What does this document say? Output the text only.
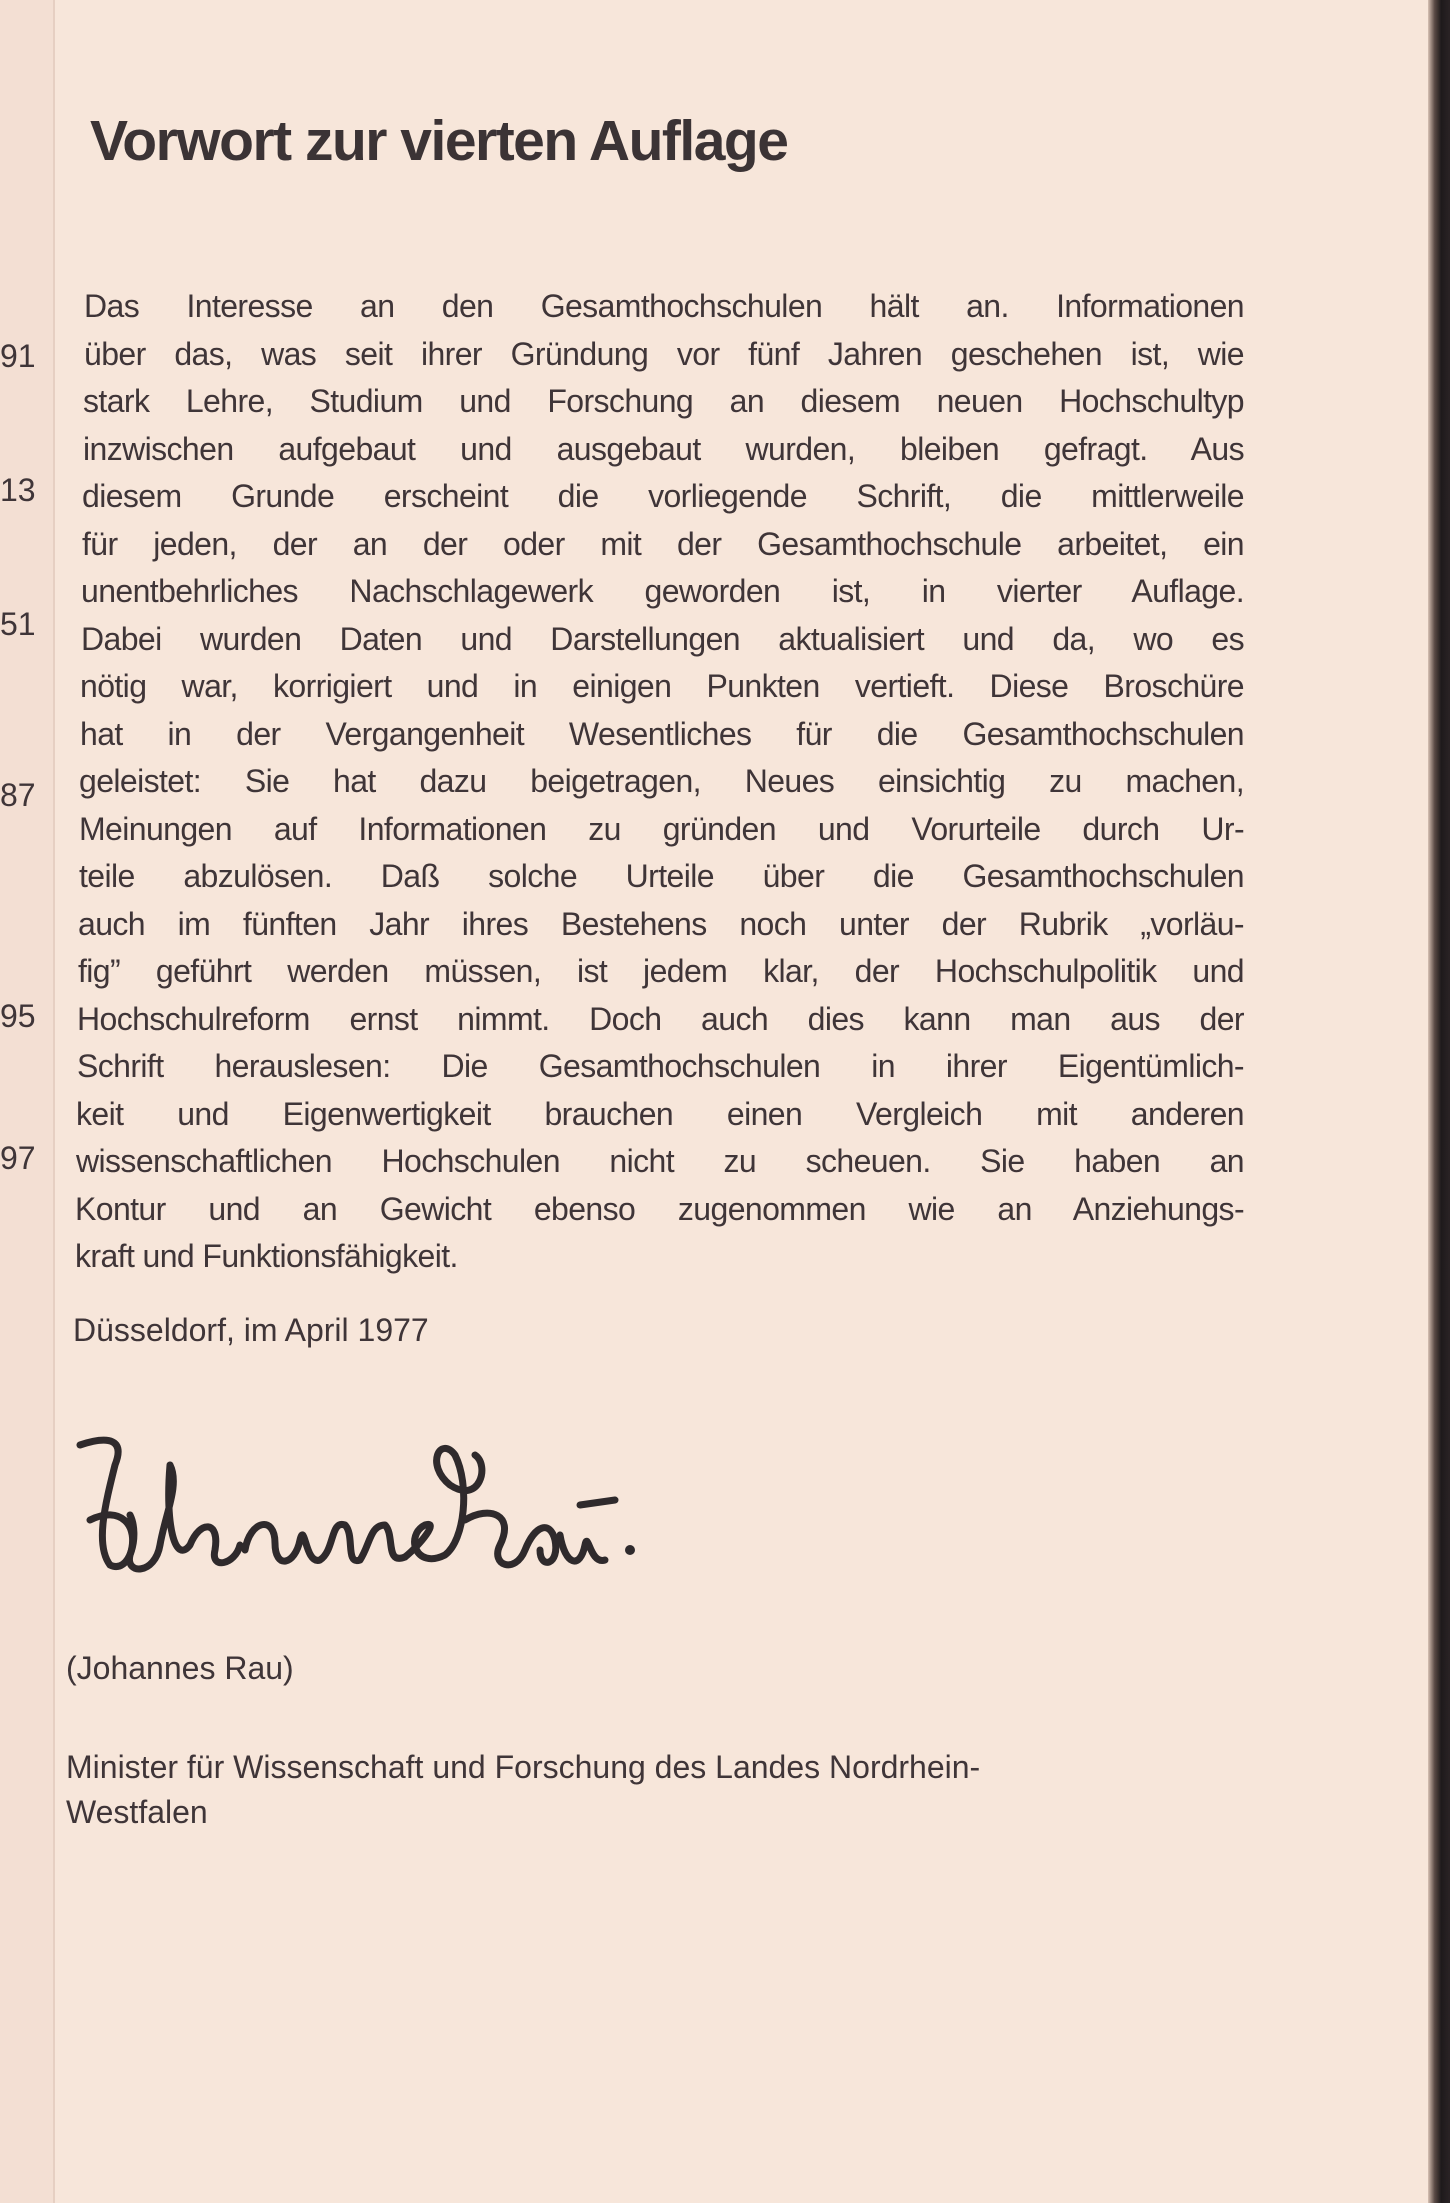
91
13
51
87
95
97
Vorwort zur vierten Auflage
Das Interesse an den Gesamthochschulen hält an. Informationen
über das, was seit ihrer Gründung vor fünf Jahren geschehen ist, wie
stark Lehre, Studium und Forschung an diesem neuen Hochschultyp
inzwischen aufgebaut und ausgebaut wurden, bleiben gefragt. Aus
diesem Grunde erscheint die vorliegende Schrift, die mittlerweile
für jeden, der an der oder mit der Gesamthochschule arbeitet, ein
unentbehrliches Nachschlagewerk geworden ist, in vierter Auflage.
Dabei wurden Daten und Darstellungen aktualisiert und da, wo es
nötig war, korrigiert und in einigen Punkten vertieft. Diese Broschüre
hat in der Vergangenheit Wesentliches für die Gesamthochschulen
geleistet: Sie hat dazu beigetragen, Neues einsichtig zu machen,
Meinungen auf Informationen zu gründen und Vorurteile durch Ur-
teile abzulösen. Daß solche Urteile über die Gesamthochschulen
auch im fünften Jahr ihres Bestehens noch unter der Rubrik „vorläu-
fig” geführt werden müssen, ist jedem klar, der Hochschulpolitik und
Hochschulreform ernst nimmt. Doch auch dies kann man aus der
Schrift herauslesen: Die Gesamthochschulen in ihrer Eigentümlich-
keit und Eigenwertigkeit brauchen einen Vergleich mit anderen
wissenschaftlichen Hochschulen nicht zu scheuen. Sie haben an
Kontur und an Gewicht ebenso zugenommen wie an Anziehungs-
kraft und Funktionsfähigkeit.
Düsseldorf, im April 1977
(Johannes Rau)
Minister für Wissenschaft und Forschung des Landes Nordrhein-
Westfalen
